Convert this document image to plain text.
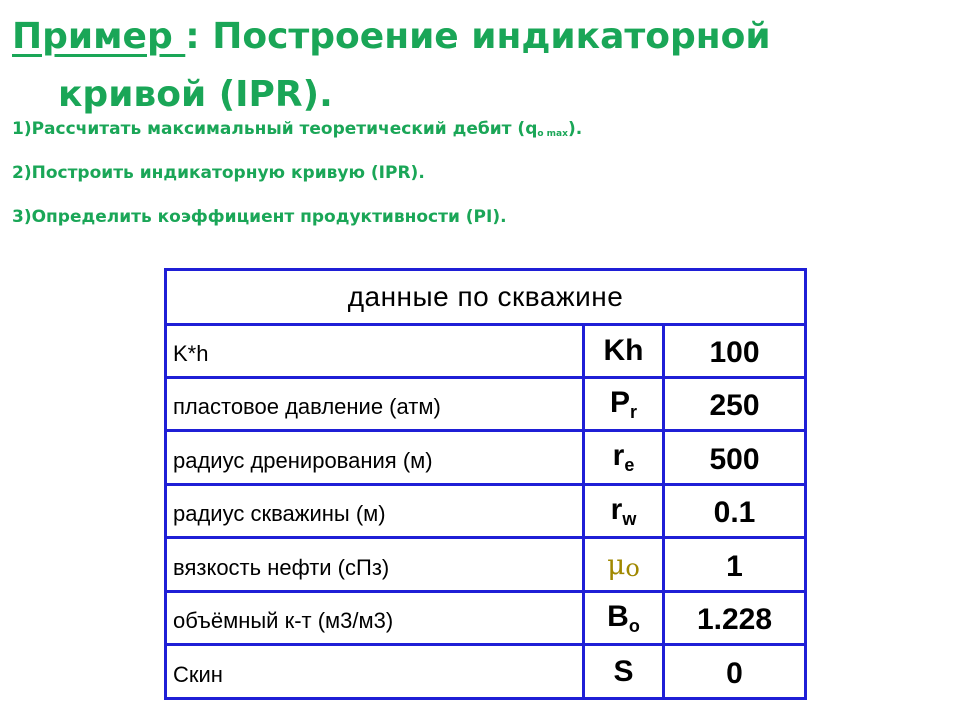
Пример : Построение индикаторной
кривой (IPR).
1)Рассчитать максимальный теоретический дебит $(q_{o max})$.
2)Построить индикаторную кривую (IPR).
3)Определить коэффициент продуктивности (PI).
данные по скважине		
K*h	Kh	100
пластовое давление (атм)	$P_r$	250
радиус дренирования (м)	$r_e$	500
радиус скважины (м)	$r_w$	0.1
вязкость нефти (сПз)	$\mu_o$	1
объёмный к-т (м3/м3)	$B_o$	1.228
Скин	S	0
